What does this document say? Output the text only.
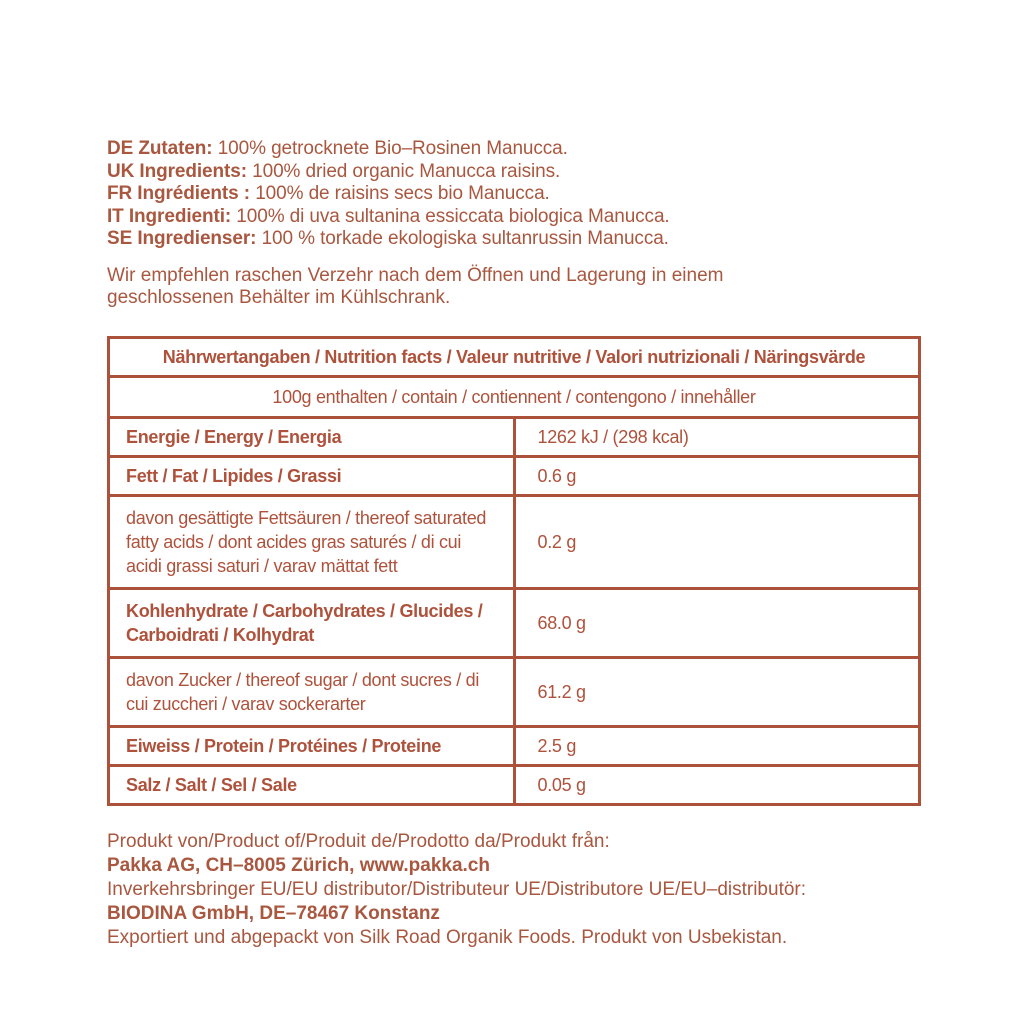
DE Zutaten: 100% getrocknete Bio–Rosinen Manucca.
UK Ingredients: 100% dried organic Manucca raisins.
FR Ingrédients : 100% de raisins secs bio Manucca.
IT Ingredienti: 100% di uva sultanina essiccata biologica Manucca.
SE Ingredienser: 100 % torkade ekologiska sultanrussin Manucca.

Wir empfehlen raschen Verzehr nach dem Öffnen und Lagerung in einem
geschlossenen Behälter im Kühlschrank.

Nährwertangaben / Nutrition facts / Valeur nutritive / Valori nutrizionali / Näringsvärde	
100g enthalten / contain / contiennent / contengono / innehåller	
Energie / Energy / Energia	1262 kJ / (298 kcal)
Fett / Fat / Lipides / Grassi	0.6 g
davon gesättigte Fettsäuren / thereof saturated fatty acids / dont acides gras saturés / di cui acidi grassi saturi / varav mättat fett	0.2 g
Kohlenhydrate / Carbohydrates / Glucides / Carboidrati / Kolhydrat	68.0 g
davon Zucker / thereof sugar / dont sucres / di cui zuccheri / varav sockerarter	61.2 g
Eiweiss / Protein / Protéines / Proteine	2.5 g
Salz / Salt / Sel / Sale	0.05 g
Produkt von/Product of/Produit de/Prodotto da/Produkt från:
Pakka AG, CH–8005 Zürich, www.pakka.ch
Inverkehrsbringer EU/EU distributor/Distributeur UE/Distributore UE/EU–distributör:
BIODINA GmbH, DE–78467 Konstanz
Exportiert und abgepackt von Silk Road Organik Foods. Produkt von Usbekistan.
